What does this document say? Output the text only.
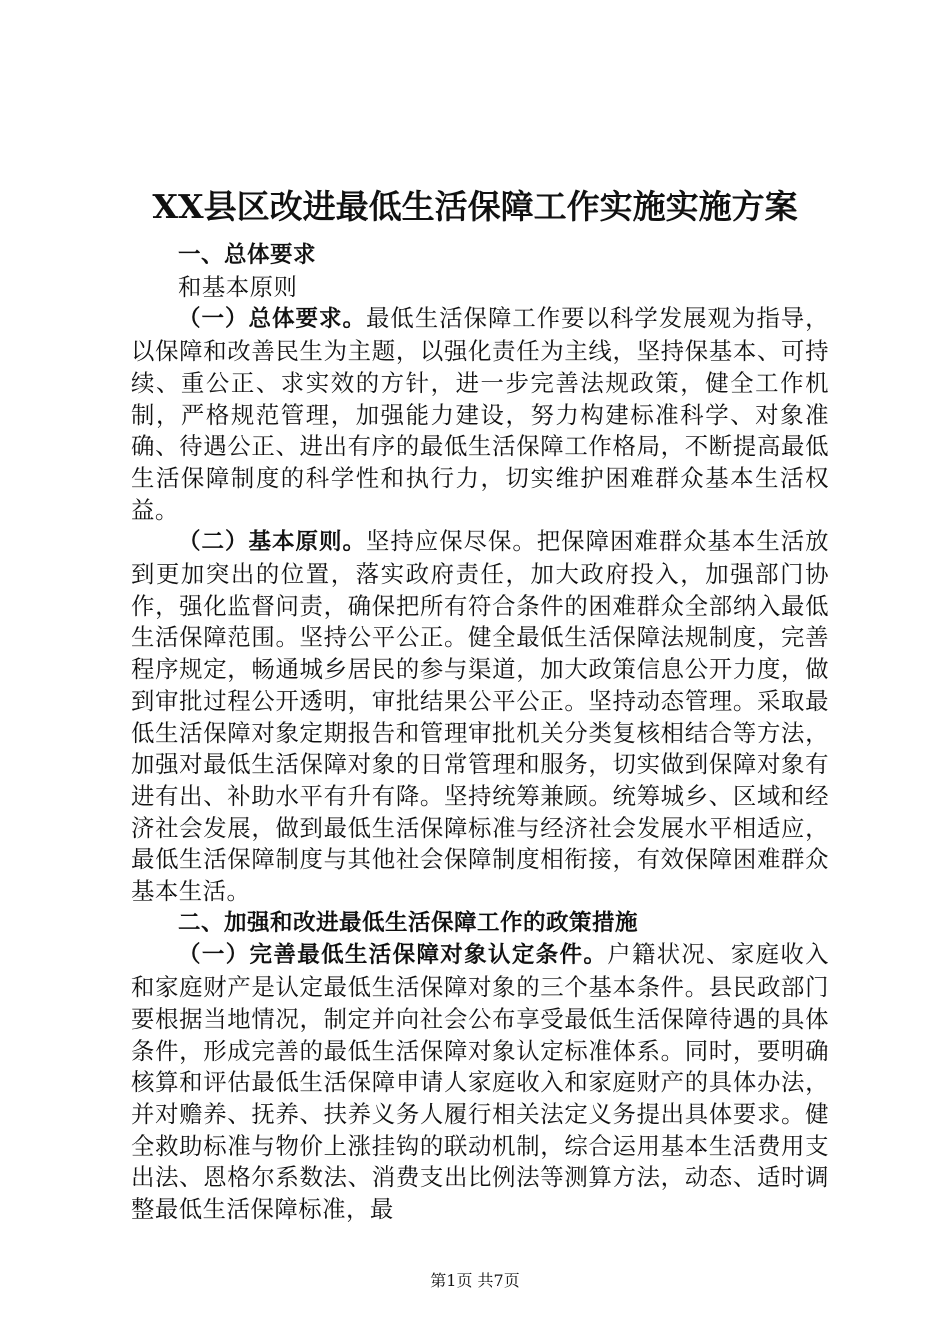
XX县区改进最低生活保障工作实施实施方案

一、总体要求

和基本原则

（一）总体要求。最低生活保障工作要以科学发展观为指导，以保障和改善民生为主题，以强化责任为主线，坚持保基本、可持续、重公正、求实效的方针，进一步完善法规政策，健全工作机制，严格规范管理，加强能力建设，努力构建标准科学、对象准确、待遇公正、进出有序的最低生活保障工作格局，不断提高最低生活保障制度的科学性和执行力，切实维护困难群众基本生活权益。

（二）基本原则。坚持应保尽保。把保障困难群众基本生活放到更加突出的位置，落实政府责任，加大政府投入，加强部门协作，强化监督问责，确保把所有符合条件的困难群众全部纳入最低生活保障范围。坚持公平公正。健全最低生活保障法规制度，完善程序规定，畅通城乡居民的参与渠道，加大政策信息公开力度，做到审批过程公开透明，审批结果公平公正。坚持动态管理。采取最低生活保障对象定期报告和管理审批机关分类复核相结合等方法，加强对最低生活保障对象的日常管理和服务，切实做到保障对象有进有出、补助水平有升有降。坚持统筹兼顾。统筹城乡、区域和经济社会发展，做到最低生活保障标准与经济社会发展水平相适应，最低生活保障制度与其他社会保障制度相衔接，有效保障困难群众基本生活。

二、加强和改进最低生活保障工作的政策措施

（一）完善最低生活保障对象认定条件。户籍状况、家庭收入和家庭财产是认定最低生活保障对象的三个基本条件。县民政部门要根据当地情况，制定并向社会公布享受最低生活保障待遇的具体条件，形成完善的最低生活保障对象认定标准体系。同时，要明确核算和评估最低生活保障申请人家庭收入和家庭财产的具体办法，并对赡养、抚养、扶养义务人履行相关法定义务提出具体要求。健全救助标准与物价上涨挂钩的联动机制，综合运用基本生活费用支出法、恩格尔系数法、消费支出比例法等测算方法，动态、适时调整最低生活保障标准，最

第1页 共7页
